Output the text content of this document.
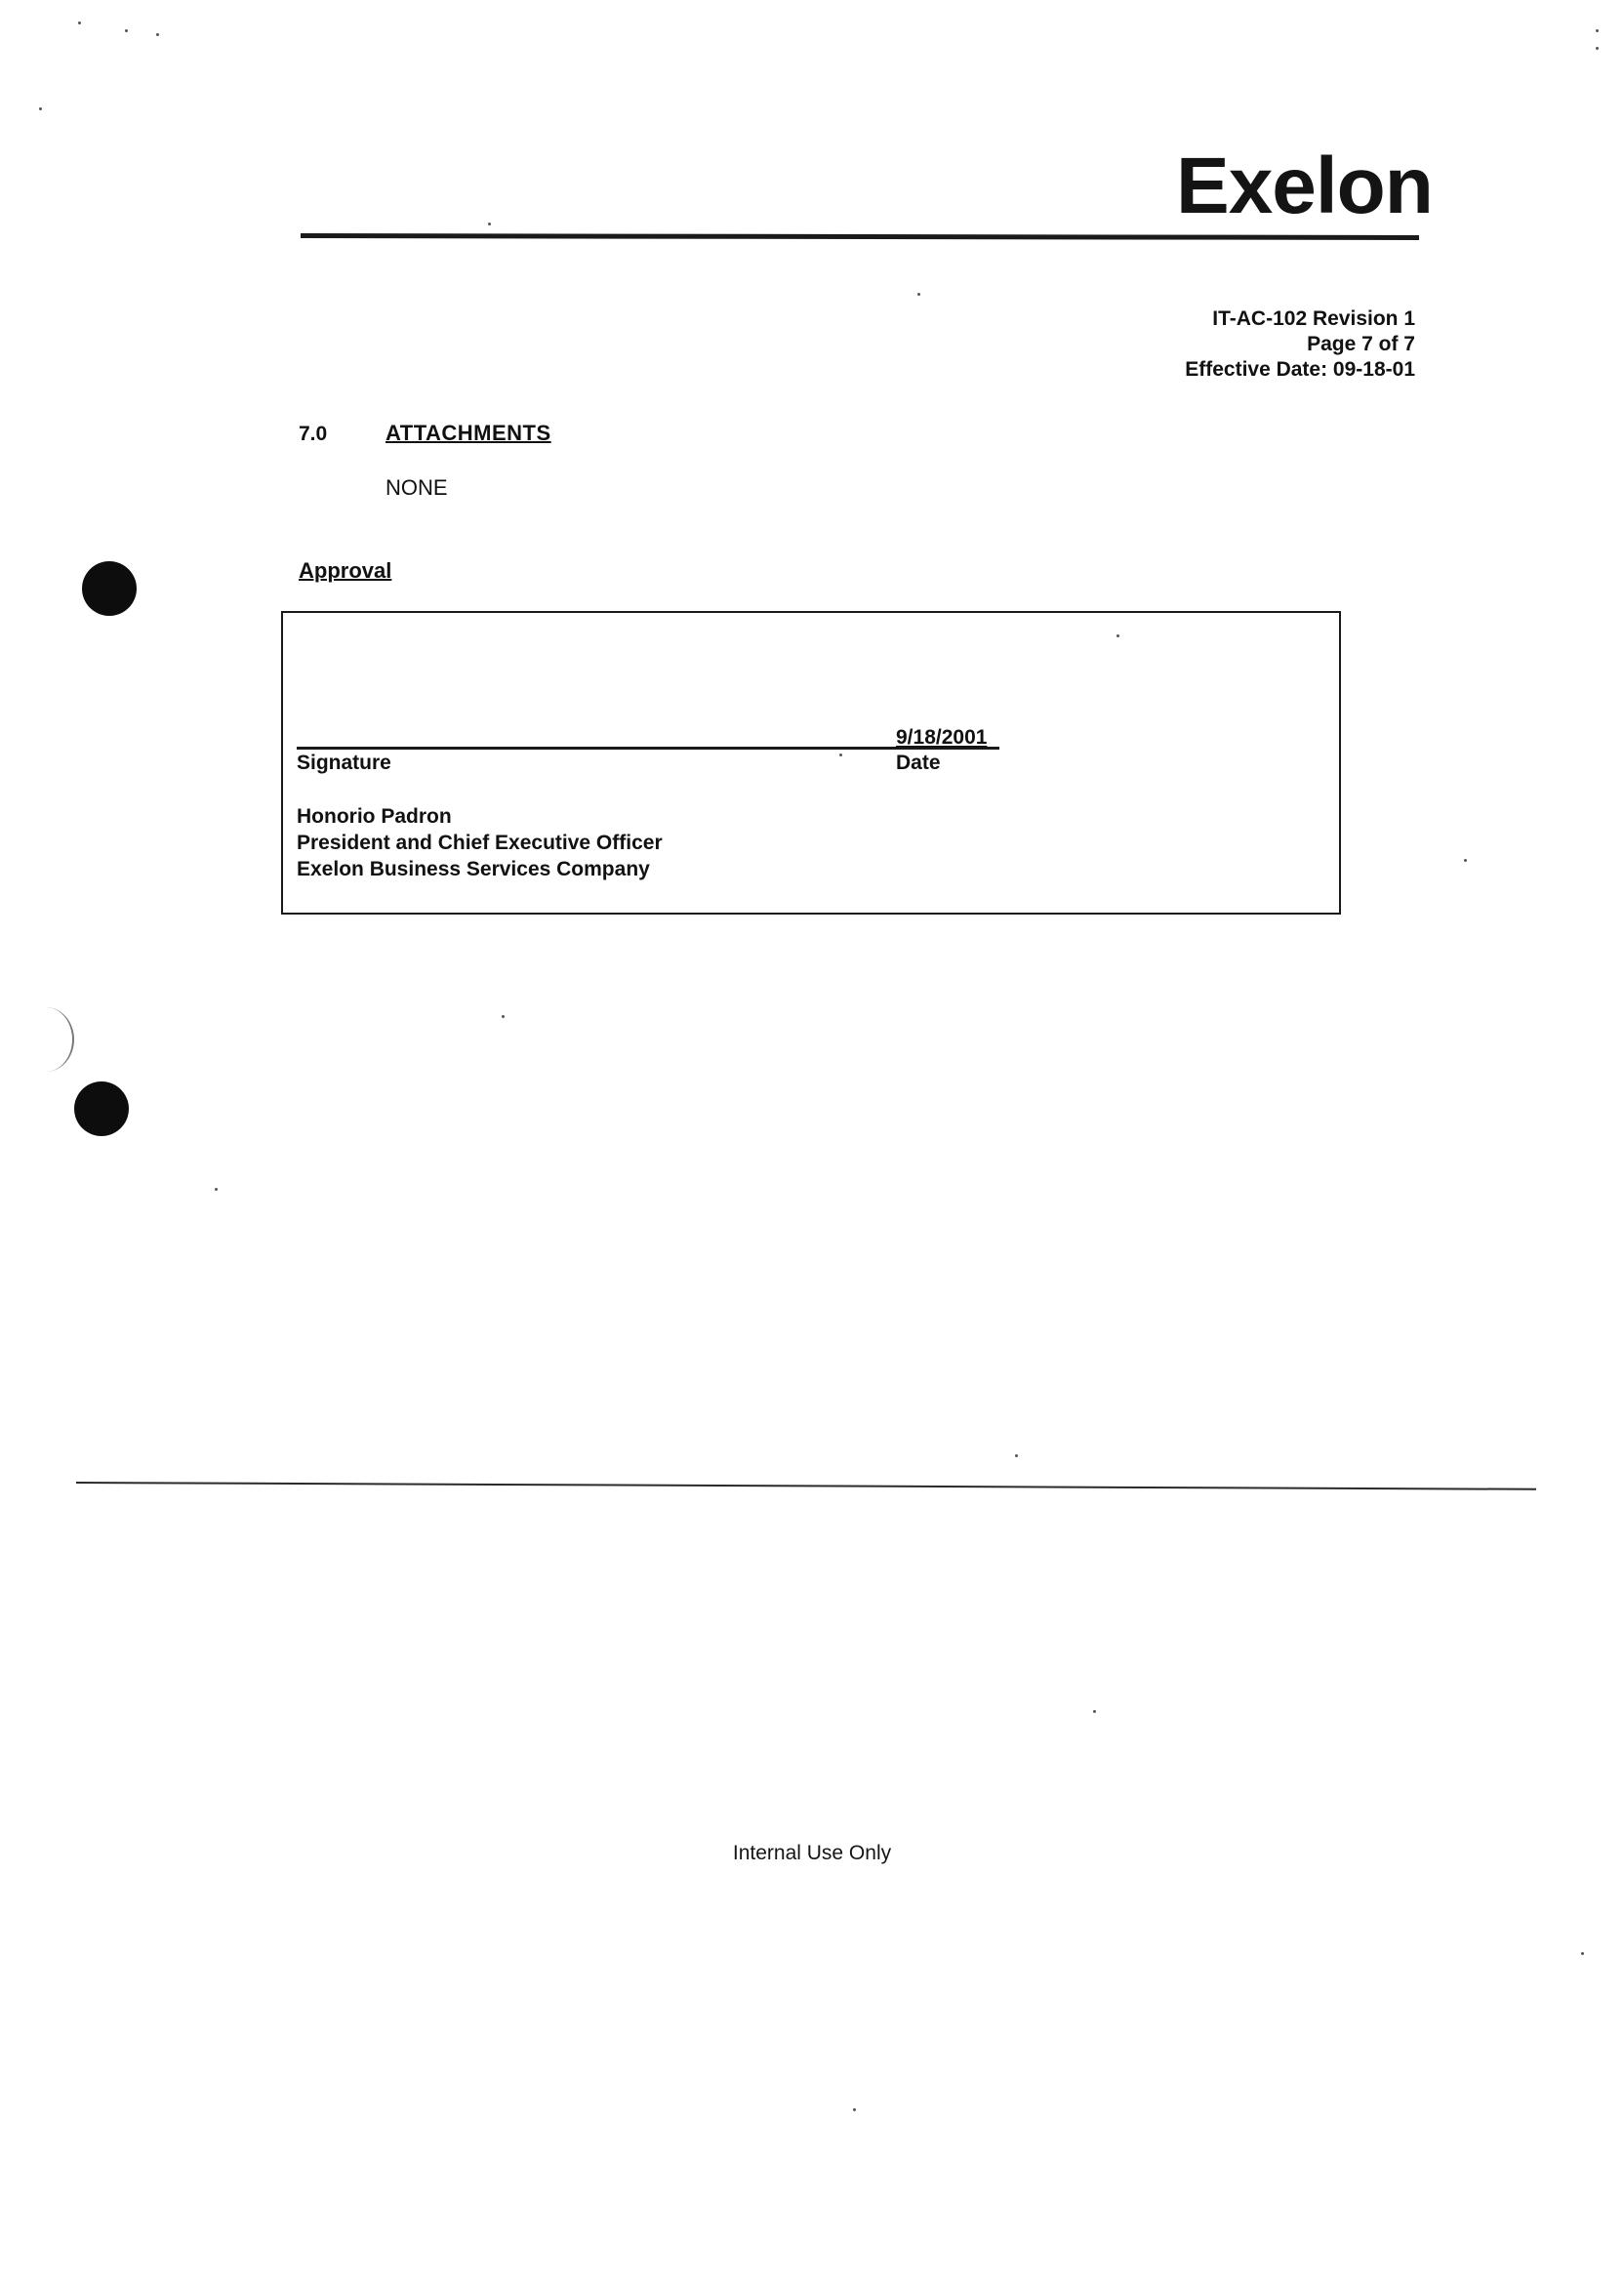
Exelon
IT-AC-102 Revision 1
Page 7 of 7
Effective Date: 09-18-01
7.0	ATTACHMENTS
NONE
Approval
9/18/2001
Signature	Date
Honorio Padron
President and Chief Executive Officer
Exelon Business Services Company
Internal Use Only
